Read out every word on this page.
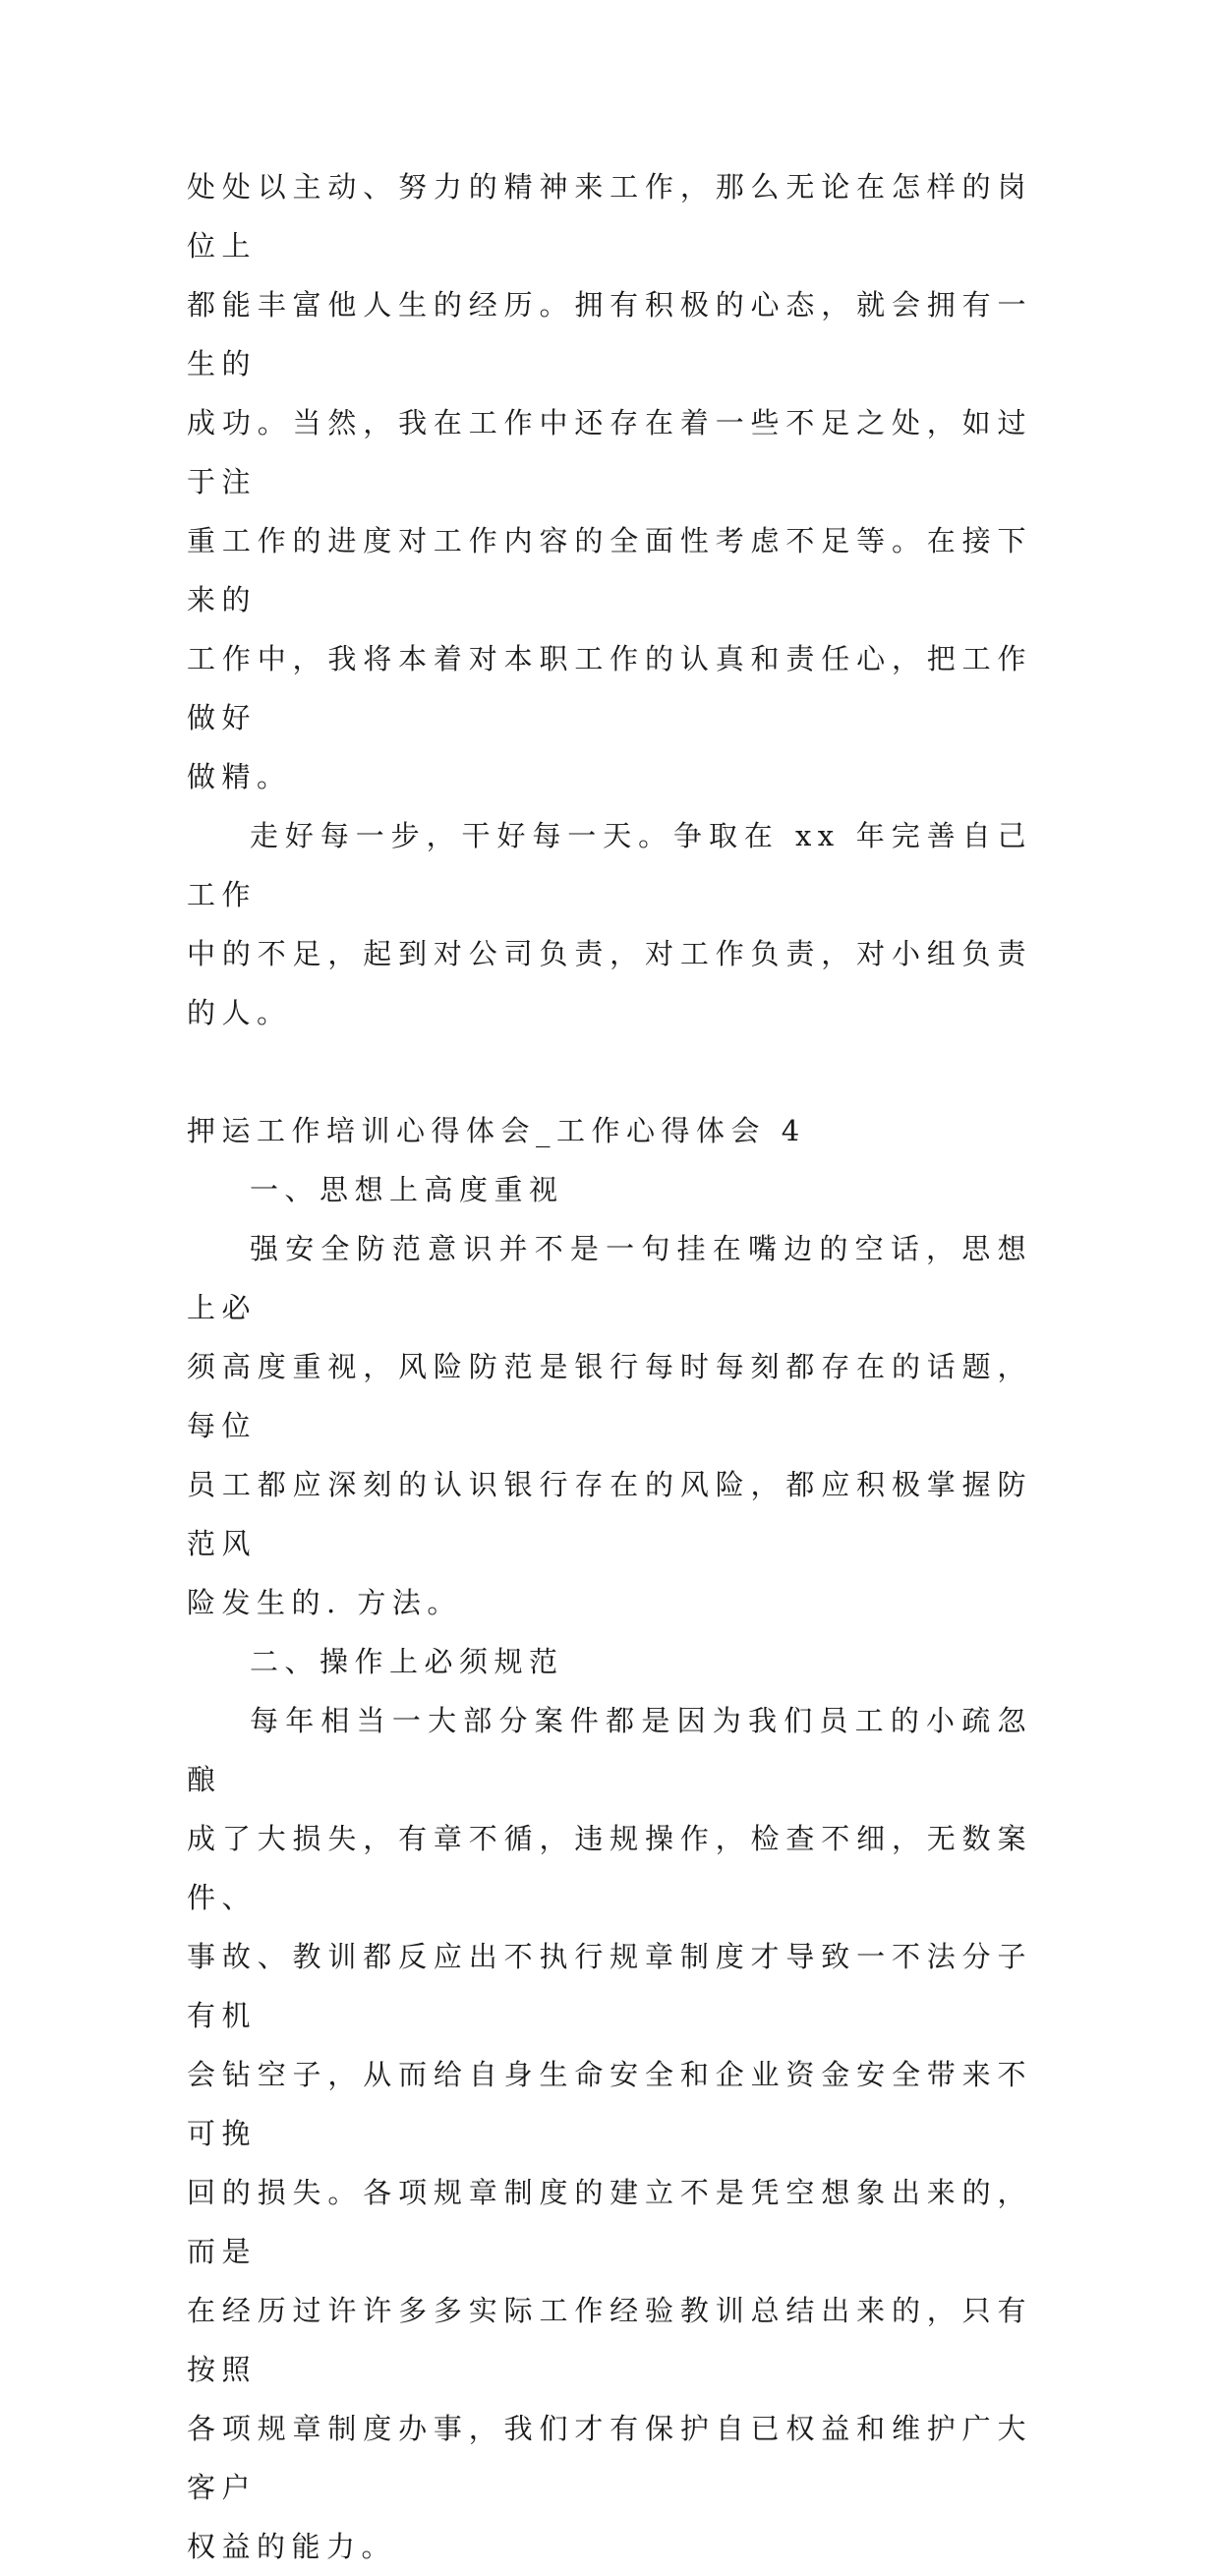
处处以主动、努力的精神来工作，那么无论在怎样的岗位上
都能丰富他人生的经历。拥有积极的心态，就会拥有一生的
成功。当然，我在工作中还存在着一些不足之处，如过于注
重工作的进度对工作内容的全面性考虑不足等。在接下来的
工作中，我将本着对本职工作的认真和责任心，把工作做好
做精。

走好每一步，干好每一天。争取在 xx 年完善自己工作
中的不足，起到对公司负责，对工作负责，对小组负责的人。

押运工作培训心得体会_工作心得体会 4

一、思想上高度重视

强安全防范意识并不是一句挂在嘴边的空话，思想上必
须高度重视，风险防范是银行每时每刻都存在的话题，每位
员工都应深刻的认识银行存在的风险，都应积极掌握防范风
险发生的. 方法。

二、操作上必须规范

每年相当一大部分案件都是因为我们员工的小疏忽酿
成了大损失，有章不循，违规操作，检查不细，无数案件、
事故、教训都反应出不执行规章制度才导致一不法分子有机
会钻空子，从而给自身生命安全和企业资金安全带来不可挽
回的损失。各项规章制度的建立不是凭空想象出来的，而是
在经历过许许多多实际工作经验教训总结出来的，只有按照
各项规章制度办事，我们才有保护自已权益和维护广大客户
权益的能力。
